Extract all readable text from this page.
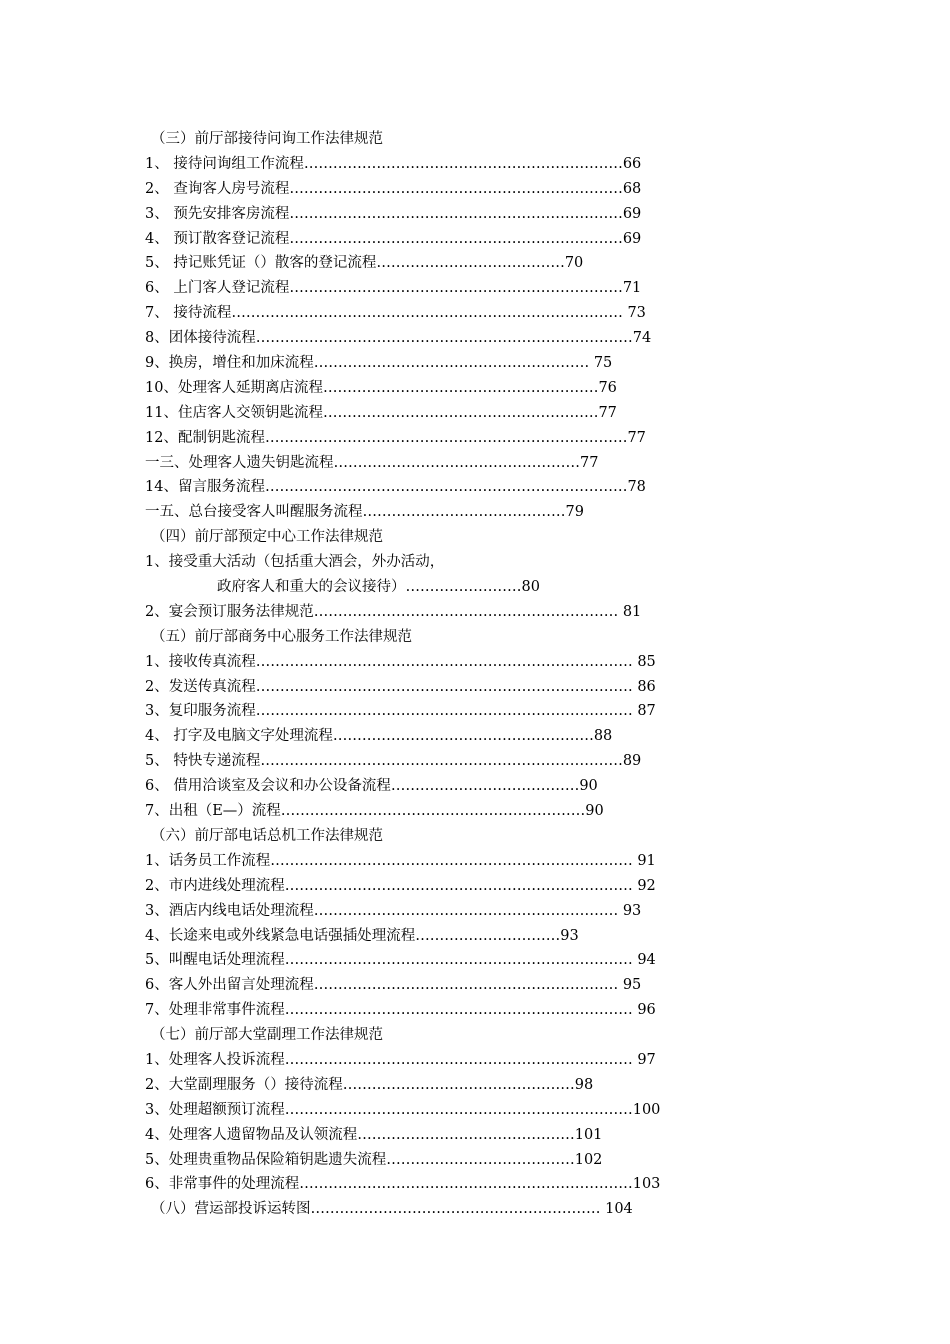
（三）前厅部接待问询工作法律规范
1、 接待问询组工作流程…………………………………………………………66
2、 查询客人房号流程……………………………………………………………68
3、 预先安排客房流程……………………………………………………………69
4、 预订散客登记流程……………………………………………………………69
5、 持记账凭证（）散客的登记流程…………………………………70
6、 上门客人登记流程……………………………………………………………71
7、 接待流程……………………………………………………………………… 73
8、团体接待流程……………………………………………………………………74
9、换房，增住和加床流程………………………………………………… 75
10、处理客人延期离店流程…………………………………………………76
11、住店客人交领钥匙流程…………………………………………………77
12、配制钥匙流程…………………………………………………………………77
一三、处理客人遗失钥匙流程……………………………………………77
14、留言服务流程…………………………………………………………………78
一五、总台接受客人叫醒服务流程……………………………………79
（四）前厅部预定中心工作法律规范
1、接受重大活动（包括重大酒会，外办活动，
政府客人和重大的会议接待）……………………80
2、宴会预订服务法律规范……………………………………………………… 81
（五）前厅部商务中心服务工作法律规范
1、接收传真流程…………………………………………………………………… 85
2、发送传真流程…………………………………………………………………… 86
3、复印服务流程…………………………………………………………………… 87
4、 打字及电脑文字处理流程………………………………………………88
5、 特快专递流程…………………………………………………………………89
6、 借用洽谈室及会议和办公设备流程…………………………………90
7、出租（E—）流程………………………………………………………90
（六）前厅部电话总机工作法律规范
1、话务员工作流程………………………………………………………………… 91
2、市内进线处理流程……………………………………………………………… 92
3、酒店内线电话处理流程……………………………………………………… 93
4、长途来电或外线紧急电话强插处理流程…………………………93
5、叫醒电话处理流程……………………………………………………………… 94
6、客人外出留言处理流程……………………………………………………… 95
7、处理非常事件流程……………………………………………………………… 96
（七）前厅部大堂副理工作法律规范
1、处理客人投诉流程……………………………………………………………… 97
2、大堂副理服务（）接待流程…………………………………………98
3、处理超额预订流程………………………………………………………………100
4、处理客人遗留物品及认领流程………………………………………101
5、处理贵重物品保险箱钥匙遗失流程…………………………………102
6、非常事件的处理流程……………………………………………………………103
（八）营运部投诉运转图…………………………………………………… 104
